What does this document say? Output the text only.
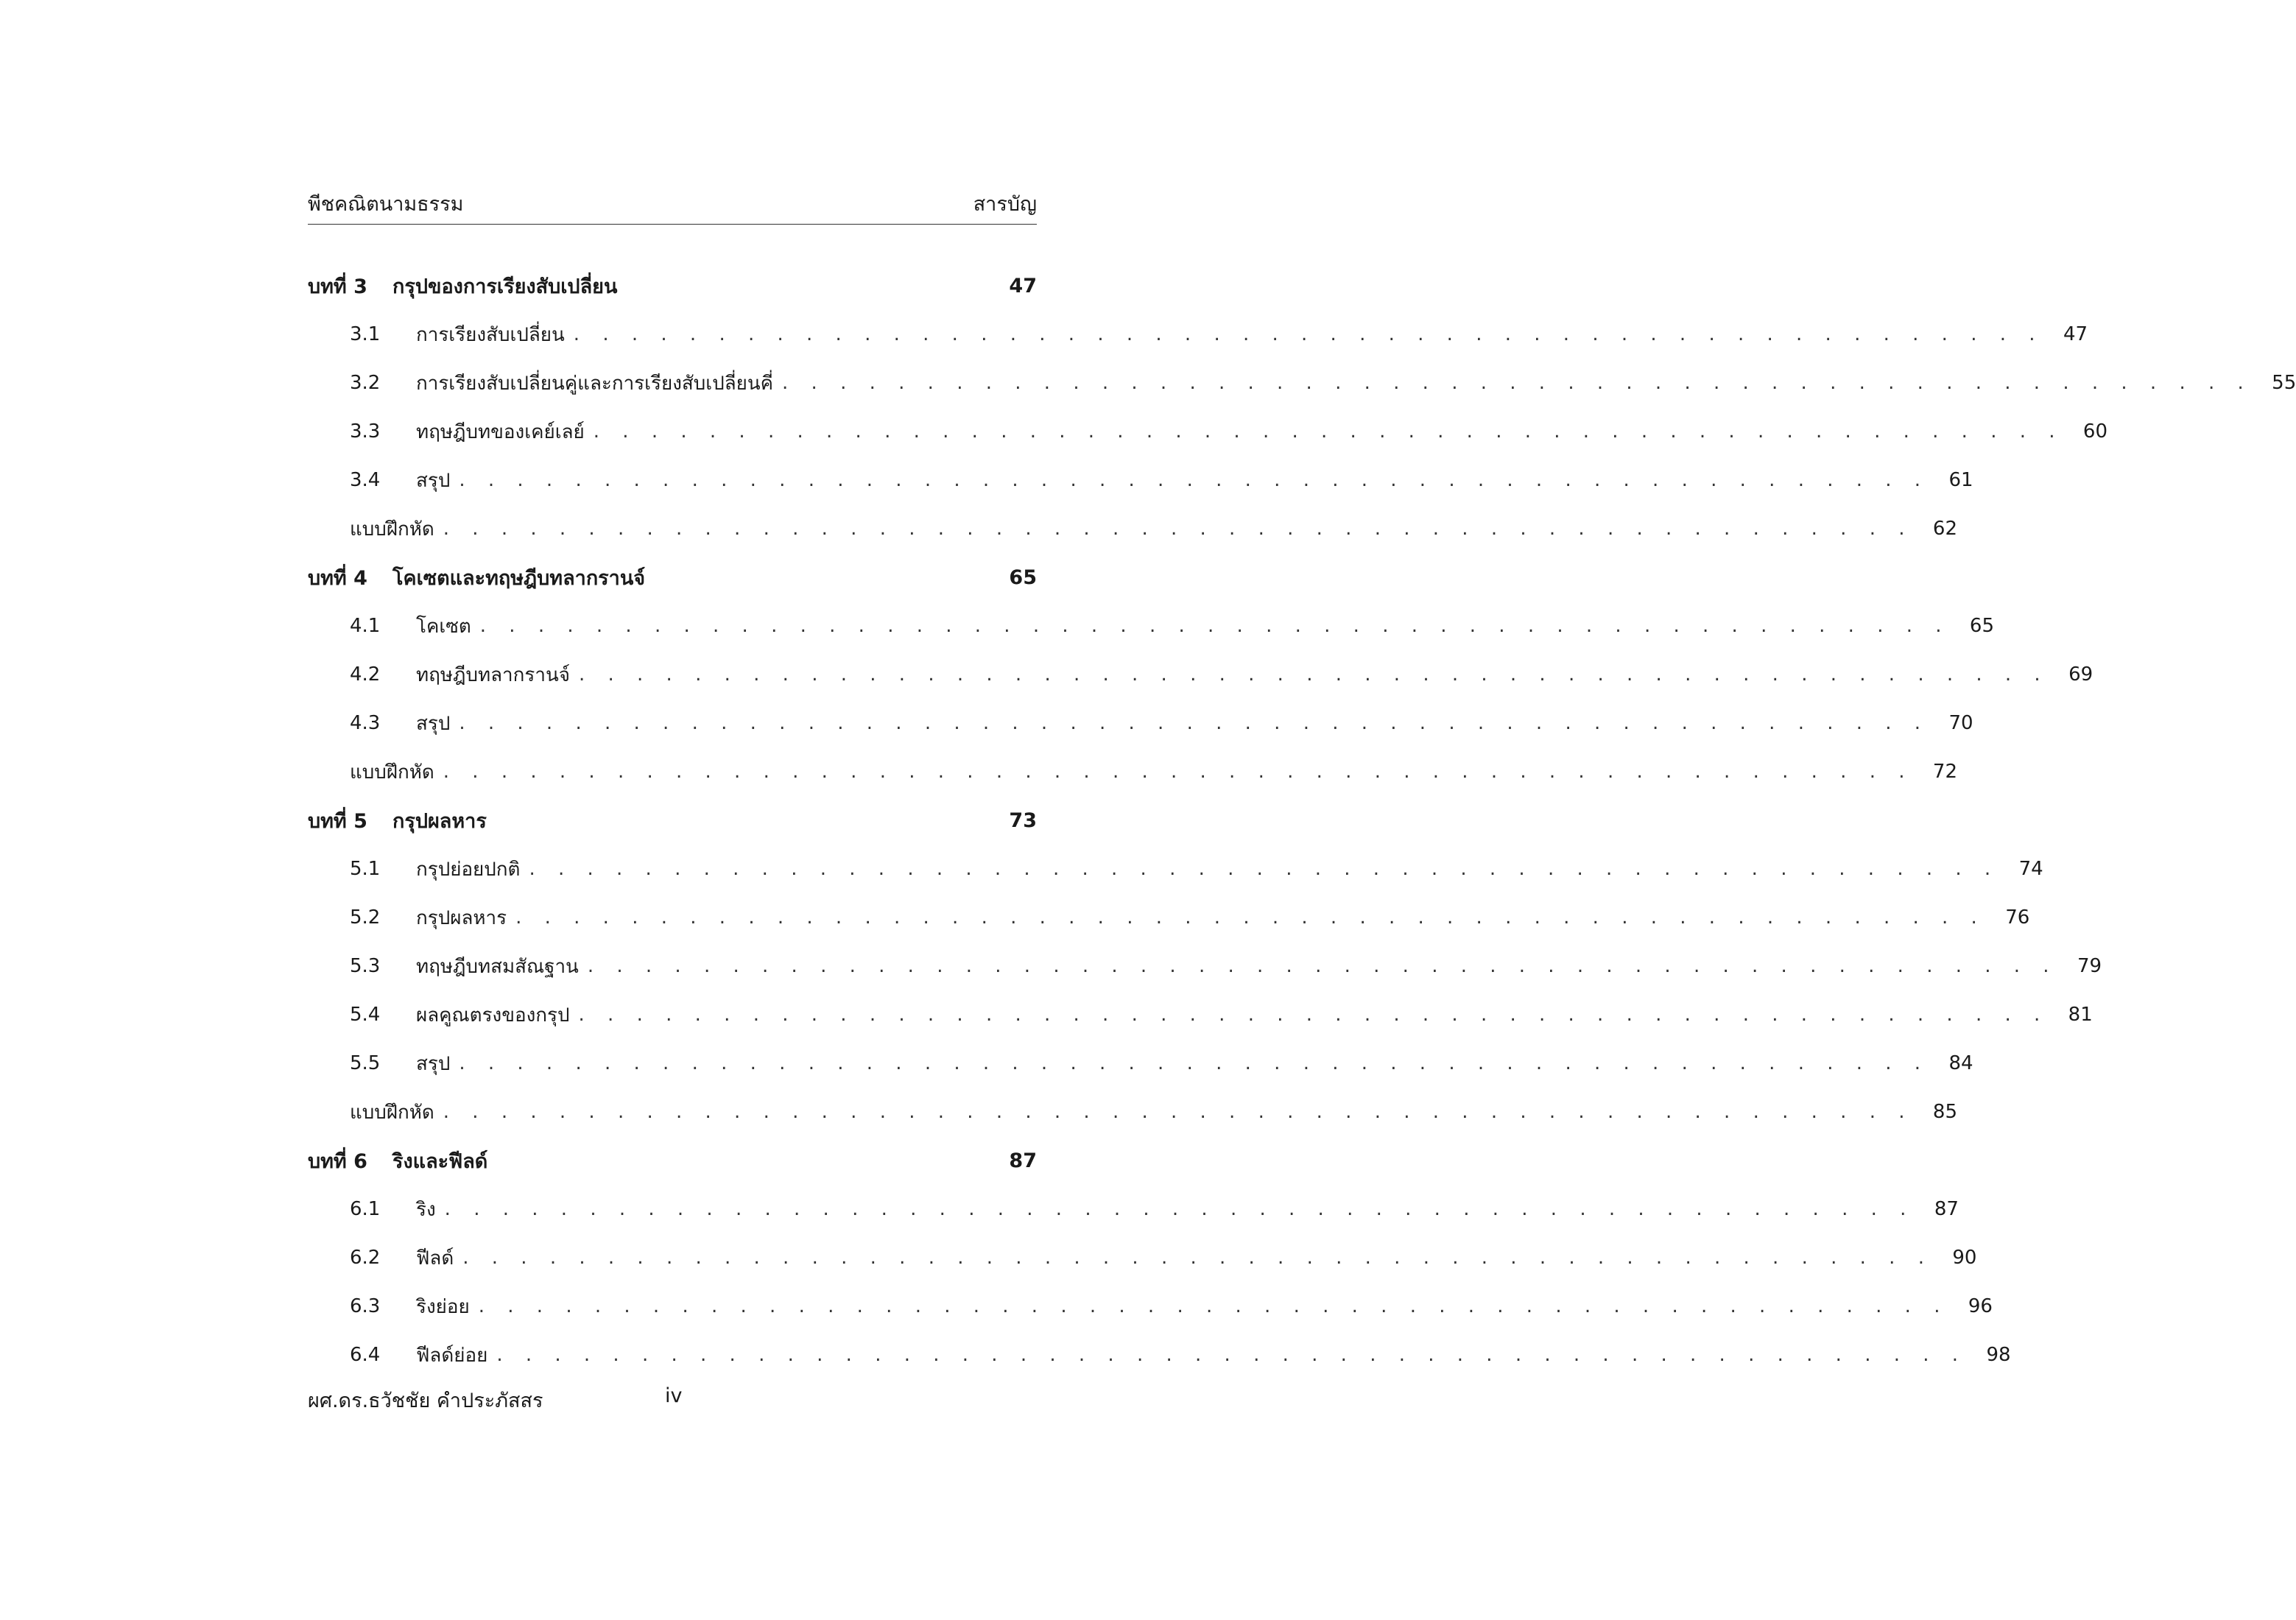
พีชคณิตนามธรรม	สารบัญ
บทที่ 3	กรุปของการเรียงสับเปลี่ยน	47
3.1	การเรียงสับเปลี่ยน . . . . . . . . . . . . . . . . . . . . . . . . . . . . . . . . . . . . . . . . . . . . . . . . . . .	47
3.2	การเรียงสับเปลี่ยนคู่และการเรียงสับเปลี่ยนคี่ . . . . . . . . . . . . . . . . . . . . . . . . . . . . . . . . . . . . . . . . . . . . . . . . . . .	55
3.3	ทฤษฎีบทของเคย์เลย์ . . . . . . . . . . . . . . . . . . . . . . . . . . . . . . . . . . . . . . . . . . . . . . . . . . .	60
3.4	สรุป . . . . . . . . . . . . . . . . . . . . . . . . . . . . . . . . . . . . . . . . . . . . . . . . . . .	61
แบบฝึกหัด . . . . . . . . . . . . . . . . . . . . . . . . . . . . . . . . . . . . . . . . . . . . . . . . . . .	62
บทที่ 4	โคเซตและทฤษฎีบทลากรานจ์	65
4.1	โคเซต . . . . . . . . . . . . . . . . . . . . . . . . . . . . . . . . . . . . . . . . . . . . . . . . . . .	65
4.2	ทฤษฎีบทลากรานจ์ . . . . . . . . . . . . . . . . . . . . . . . . . . . . . . . . . . . . . . . . . . . . . . . . . . .	69
4.3	สรุป . . . . . . . . . . . . . . . . . . . . . . . . . . . . . . . . . . . . . . . . . . . . . . . . . . .	70
แบบฝึกหัด . . . . . . . . . . . . . . . . . . . . . . . . . . . . . . . . . . . . . . . . . . . . . . . . . . .	72
บทที่ 5	กรุปผลหาร	73
5.1	กรุปย่อยปกติ . . . . . . . . . . . . . . . . . . . . . . . . . . . . . . . . . . . . . . . . . . . . . . . . . . .	74
5.2	กรุปผลหาร . . . . . . . . . . . . . . . . . . . . . . . . . . . . . . . . . . . . . . . . . . . . . . . . . . .	76
5.3	ทฤษฎีบทสมสัณฐาน . . . . . . . . . . . . . . . . . . . . . . . . . . . . . . . . . . . . . . . . . . . . . . . . . . .	79
5.4	ผลคูณตรงของกรุป . . . . . . . . . . . . . . . . . . . . . . . . . . . . . . . . . . . . . . . . . . . . . . . . . . .	81
5.5	สรุป . . . . . . . . . . . . . . . . . . . . . . . . . . . . . . . . . . . . . . . . . . . . . . . . . . .	84
แบบฝึกหัด . . . . . . . . . . . . . . . . . . . . . . . . . . . . . . . . . . . . . . . . . . . . . . . . . . .	85
บทที่ 6	ริงและฟีลด์	87
6.1	ริง . . . . . . . . . . . . . . . . . . . . . . . . . . . . . . . . . . . . . . . . . . . . . . . . . . .	87
6.2	ฟีลด์ . . . . . . . . . . . . . . . . . . . . . . . . . . . . . . . . . . . . . . . . . . . . . . . . . . .	90
6.3	ริงย่อย . . . . . . . . . . . . . . . . . . . . . . . . . . . . . . . . . . . . . . . . . . . . . . . . . . .	96
6.4	ฟีลด์ย่อย . . . . . . . . . . . . . . . . . . . . . . . . . . . . . . . . . . . . . . . . . . . . . . . . . . .	98
ผศ.ดร.ธวัชชัย คำประภัสสร	iv
